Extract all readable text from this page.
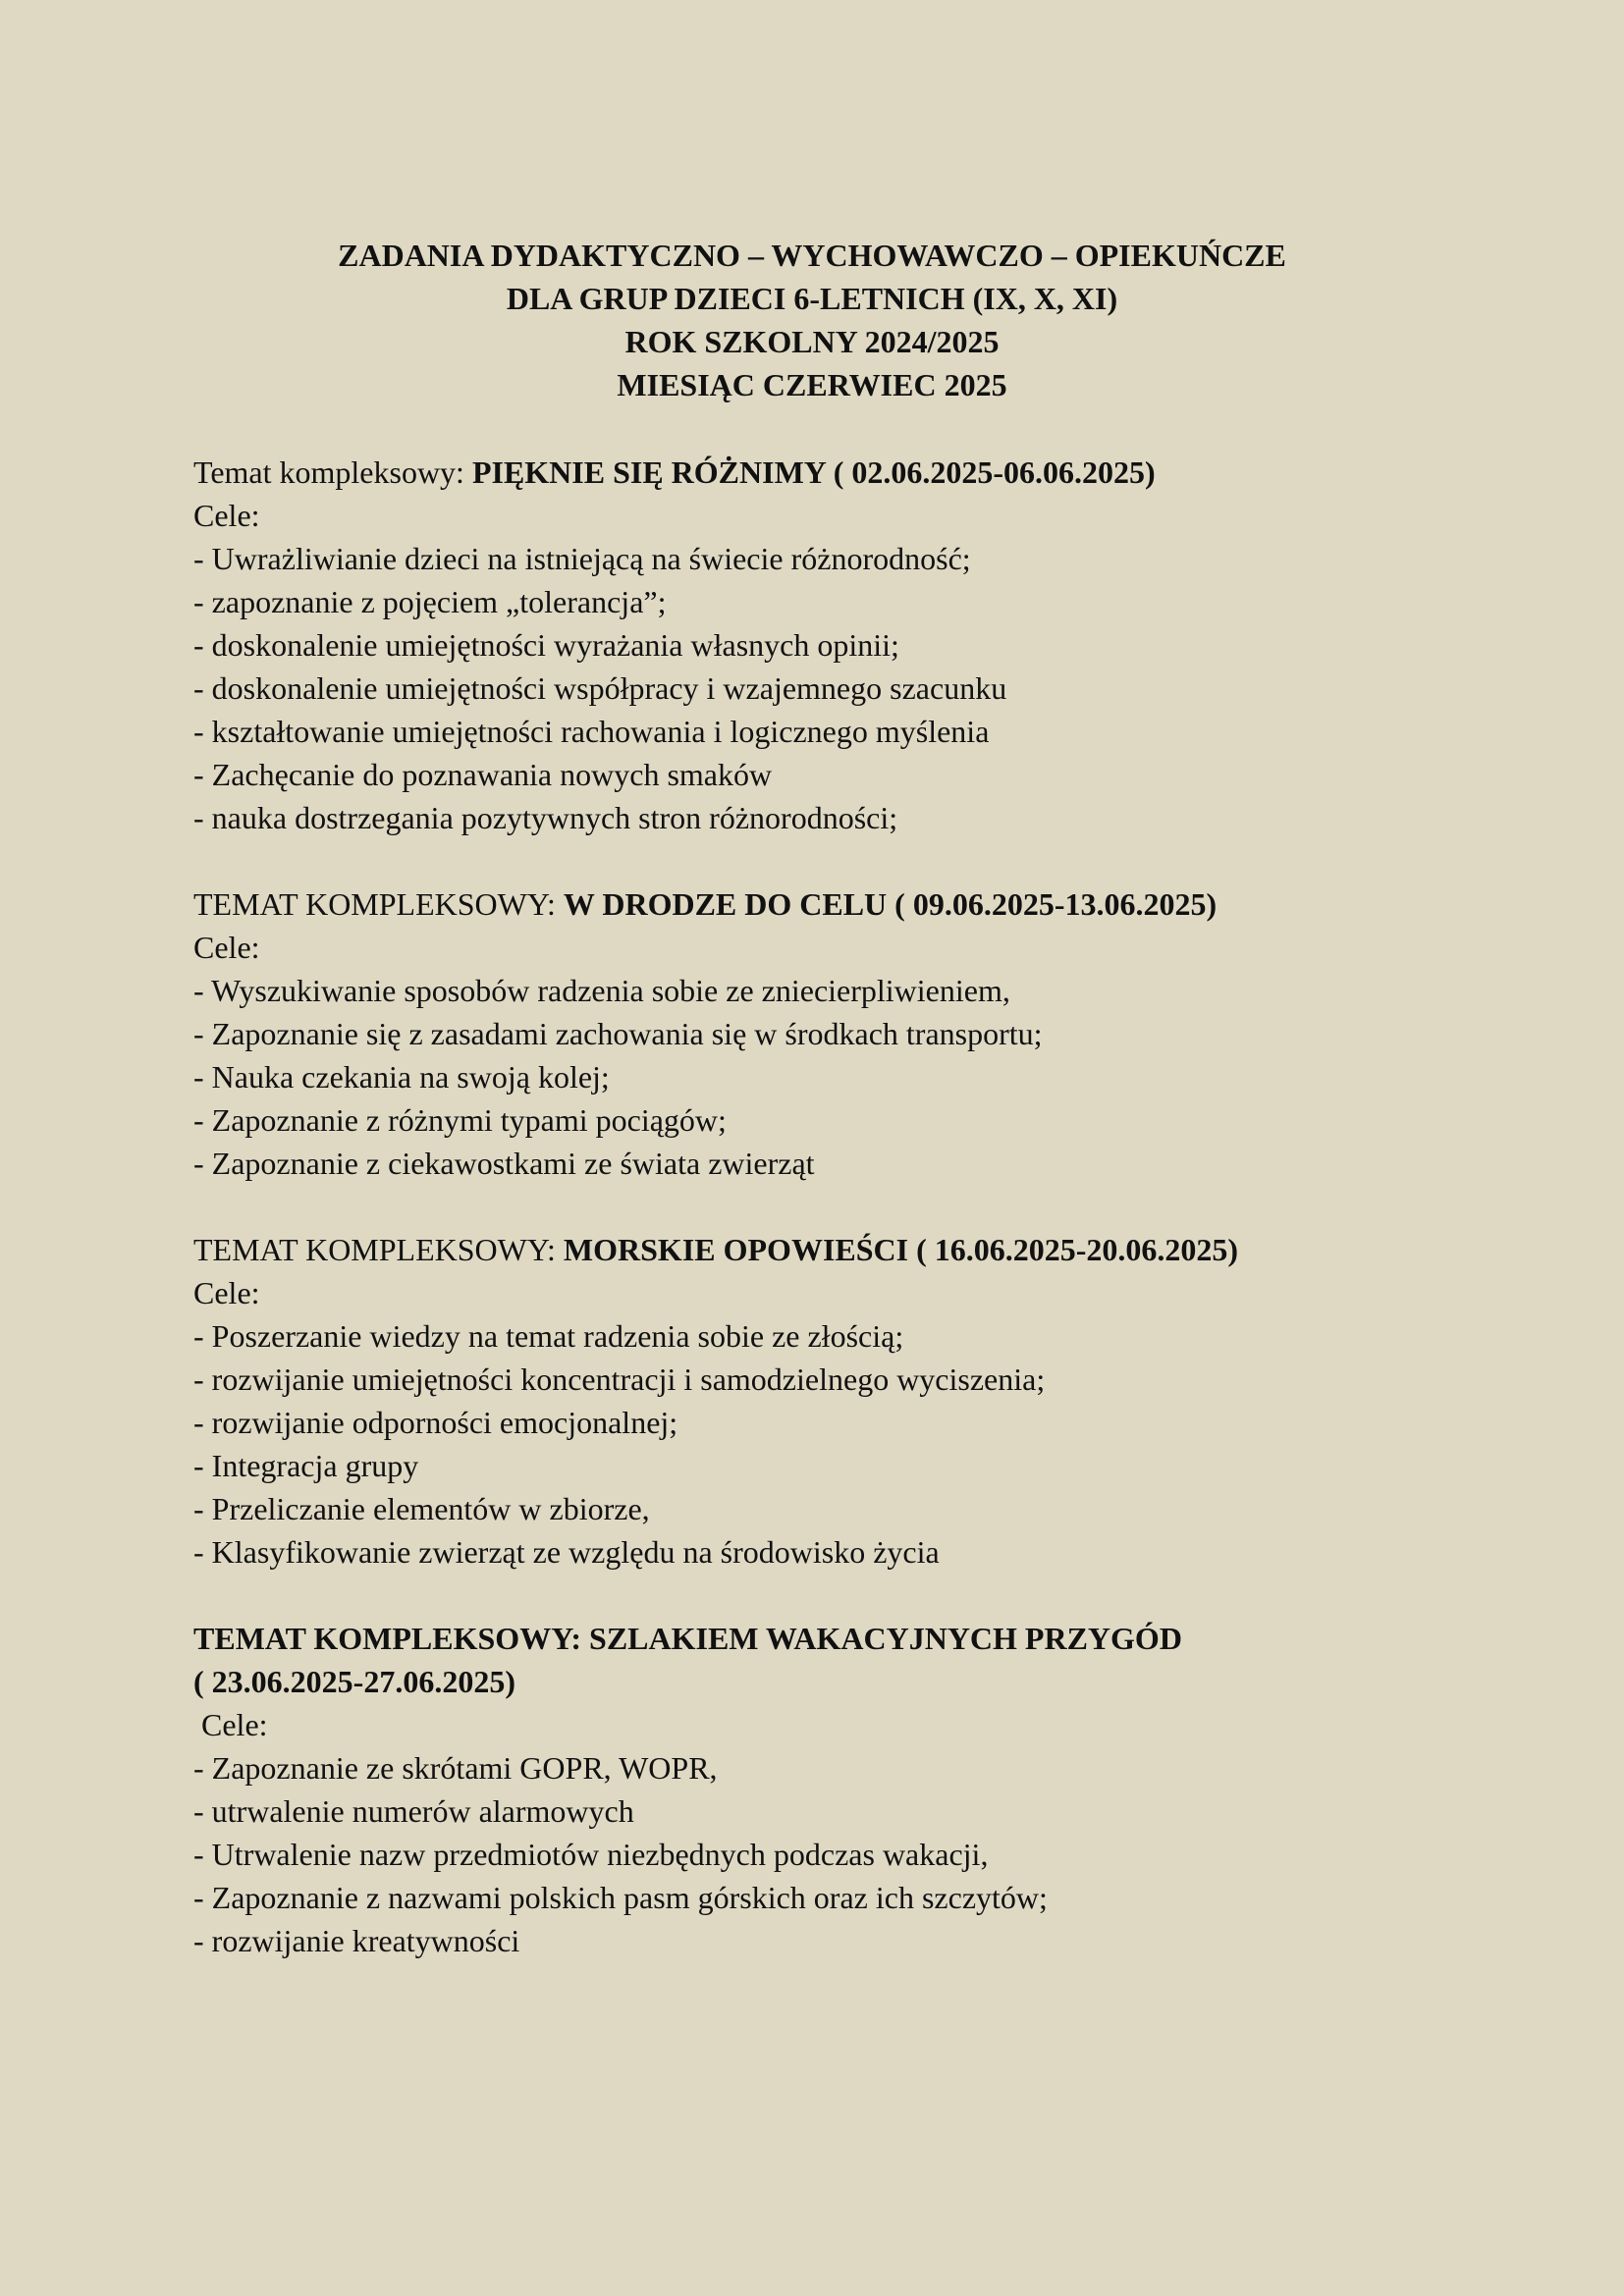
ZADANIA DYDAKTYCZNO – WYCHOWAWCZO – OPIEKUŃCZE
DLA GRUP DZIECI 6-LETNICH (IX, X, XI)
ROK SZKOLNY 2024/2025
MIESIĄC CZERWIEC 2025
Temat kompleksowy: PIĘKNIE SIĘ RÓŻNIMY ( 02.06.2025-06.06.2025)
Cele:
- Uwrażliwianie dzieci na istniejącą na świecie różnorodność;
- zapoznanie z pojęciem „tolerancja”;
- doskonalenie umiejętności wyrażania własnych opinii;
- doskonalenie umiejętności współpracy i wzajemnego szacunku
- kształtowanie umiejętności rachowania i logicznego myślenia
- Zachęcanie do poznawania nowych smaków
- nauka dostrzegania pozytywnych stron różnorodności;
TEMAT KOMPLEKSOWY: W DRODZE DO CELU ( 09.06.2025-13.06.2025)
Cele:
- Wyszukiwanie sposobów radzenia sobie ze zniecierpliwieniem,
- Zapoznanie się z zasadami zachowania się w środkach transportu;
- Nauka czekania na swoją kolej;
- Zapoznanie z różnymi typami pociągów;
- Zapoznanie z ciekawostkami ze świata zwierząt
TEMAT KOMPLEKSOWY: MORSKIE OPOWIEŚCI ( 16.06.2025-20.06.2025)
Cele:
- Poszerzanie wiedzy na temat radzenia sobie ze złością;
- rozwijanie umiejętności koncentracji i samodzielnego wyciszenia;
- rozwijanie odporności emocjonalnej;
- Integracja grupy
- Przeliczanie elementów w zbiorze,
- Klasyfikowanie zwierząt ze względu na środowisko życia
TEMAT KOMPLEKSOWY: SZLAKIEM WAKACYJNYCH PRZYGÓD
( 23.06.2025-27.06.2025)
Cele:
- Zapoznanie ze skrótami GOPR, WOPR,
- utrwalenie numerów alarmowych
- Utrwalenie nazw przedmiotów niezbędnych podczas wakacji,
- Zapoznanie z nazwami polskich pasm górskich oraz ich szczytów;
- rozwijanie kreatywności
